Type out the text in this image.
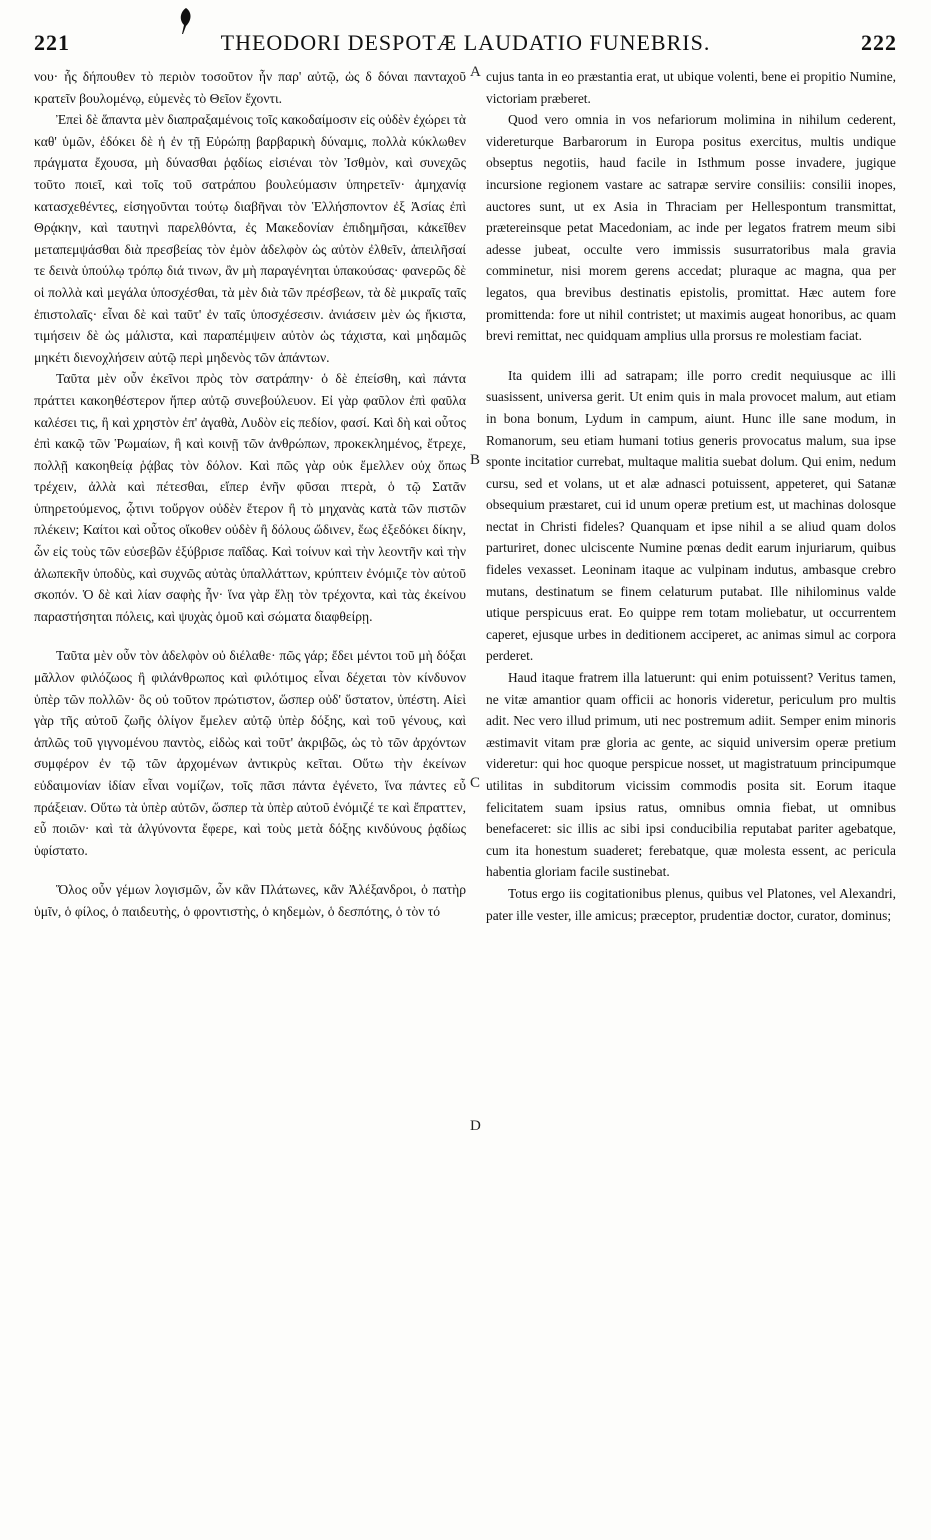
221	THEODORI DESPOTÆ LAUDATIO FUNEBRIS.	222
A
B
C
D

νου· ἧς δήπουθεν τὸ περιὸν τοσοῦτον ἦν παρ' αὐτῷ, ὡς δ δόναι πανταχοῦ κρατεῖν βουλομένῳ, εὐμενὲς τὸ Θεῖον ἔχοντι.

Ἐπεὶ δὲ ἅπαντα μὲν διαπραξαμένοις τοῖς κακοδαίμοσιν εἰς οὐδὲν ἐχώρει τὰ καθ' ὑμῶν, ἐδόκει δὲ ἡ ἐν τῇ Εὐρώπῃ βαρβαρικὴ δύναμις, πολλὰ κύκλωθεν πράγματα ἔχουσα, μὴ δύνασθαι ῥᾳδίως εἰσιέναι τὸν Ἰσθμὸν, καὶ συνεχῶς τοῦτο ποιεῖ, καὶ τοῖς τοῦ σατράπου βουλεύμασιν ὑπηρετεῖν· ἀμηχανίᾳ κατασχεθέντες, εἰσηγοῦνται τούτῳ διαβῆναι τὸν Ἑλλήσποντον ἐξ Ἀσίας ἐπὶ Θρᾴκην, καὶ ταυτηνὶ παρελθόντα, ἐς Μακεδονίαν ἐπιδημῆσαι, κἀκεῖθεν μεταπεμψάσθαι διὰ πρεσβείας τὸν ἐμὸν ἀδελφὸν ὡς αὐτὸν ἐλθεῖν, ἀπειλῆσαί τε δεινὰ ὑπούλῳ τρόπῳ διά τινων, ἂν μὴ παραγένηται ὑπακούσας· φανερῶς δὲ οἱ πολλὰ καὶ μεγάλα ὑποσχέσθαι, τὰ μὲν διὰ τῶν πρέσβεων, τὰ δὲ μικραῖς ταῖς ἐπιστολαῖς· εἶναι δὲ καὶ ταῦτ' ἐν ταῖς ὑποσχέσεσιν. ἀνιάσειν μὲν ὡς ἥκιστα, τιμήσειν δὲ ὡς μάλιστα, καὶ παραπέμψειν αὐτὸν ὡς τάχιστα, καὶ μηδαμῶς μηκέτι διενοχλήσειν αὐτῷ περὶ μηδενὸς τῶν ἁπάντων.

Ταῦτα μὲν οὖν ἐκεῖνοι πρὸς τὸν σατράπην· ὁ δὲ ἐπείσθη, καὶ πάντα πράττει κακοηθέστερον ἤπερ αὐτῷ συνεβούλευον. Εἰ γὰρ φαῦλον ἐπὶ φαῦλα καλέσει τις, ἢ καὶ χρηστὸν ἐπ' ἀγαθὰ, Λυδὸν εἰς πεδίον, φασί. Καὶ δὴ καὶ οὗτος ἐπὶ κακῷ τῶν Ῥωμαίων, ἢ καὶ κοινῇ τῶν ἀνθρώπων, προκεκλημένος, ἔτρεχε, πολλῇ κακοηθείᾳ ῥᾴβας τὸν δόλον. Καὶ πῶς γὰρ οὐκ ἔμελλεν οὐχ ὅπως τρέχειν, ἀλλὰ καὶ πέτεσθαι, εἴπερ ἐνῆν φῦσαι πτερὰ, ὁ τῷ Σατᾶν ὑπηρετούμενος, ᾧτινι τοὔργον οὐδὲν ἕτερον ἢ τὸ μηχανὰς κατὰ τῶν πιστῶν πλέκειν; Καίτοι καὶ οὗτος οἴκοθεν οὐδὲν ἢ δόλους ὤδινεν, ἕως ἐξεδόκει δίκην, ὧν εἰς τοὺς τῶν εὐσεβῶν ἐξύβρισε παΐδας. Καὶ τοίνυν καὶ τὴν λεοντῆν καὶ τὴν ἀλωπεκῆν ὑποδὺς, καὶ συχνῶς αὐτὰς ὑπαλλάττων, κρύπτειν ἐνόμιζε τὸν αὐτοῦ σκοπόν. Ὁ δὲ καὶ λίαν σαφὴς ἦν· ἵνα γὰρ ἕλῃ τὸν τρέχοντα, καὶ τὰς ἐκείνου παραστήσηται πόλεις, καὶ ψυχὰς ὁμοῦ καὶ σώματα διαφθείρῃ.

Ταῦτα μὲν οὖν τὸν ἀδελφὸν οὐ διέλαθε· πῶς γάρ; ἔδει μέντοι τοῦ μὴ δόξαι μᾶλλον φιλόζωος ἢ φιλάνθρωπος καὶ φιλότιμος εἶναι δέχεται τὸν κίνδυνον ὑπὲρ τῶν πολλῶν· ὃς οὐ τοῦτον πρώτιστον, ὥσπερ οὐδ' ὕστατον, ὑπέστη. Αἰεὶ γὰρ τῆς αὐτοῦ ζωῆς ὀλίγον ἔμελεν αὐτῷ ὑπὲρ δόξης, καὶ τοῦ γένους, καὶ ἁπλῶς τοῦ γιγνομένου παντὸς, εἰδὼς καὶ τοῦτ' ἀκριβῶς, ὡς τὸ τῶν ἀρχόντων συμφέρον ἐν τῷ τῶν ἀρχομένων ἀντικρὺς κεῖται. Οὕτω τὴν ἐκείνων εὐδαιμονίαν ἰδίαν εἶναι νομίζων, τοῖς πᾶσι πάντα ἐγένετο, ἵνα πάντες εὖ πράξειαν. Οὕτω τὰ ὑπὲρ αὐτῶν, ὥσπερ τὰ ὑπὲρ αὐτοῦ ἐνόμιζέ τε καὶ ἔπραττεν, εὖ ποιῶν· καὶ τὰ ἀλγύνοντα ἔφερε, καὶ τοὺς μετὰ δόξης κινδύνους ῥᾳδίως ὑφίστατο.

Ὅλος οὖν γέμων λογισμῶν, ὧν κἂν Πλάτωνες, κἂν Ἀλέξανδροι, ὁ πατὴρ ὑμῖν, ὁ φίλος, ὁ παιδευτὴς, ὁ φροντιστὴς, ὁ κηδεμὼν, ὁ δεσπότης, ὁ τὸν τό

cujus tanta in eo præstantia erat, ut ubique volenti, bene ei propitio Numine, victoriam præberet.

Quod vero omnia in vos nefariorum molimina in nihilum cederent, videreturque Barbarorum in Europa positus exercitus, multis undique obseptus negotiis, haud facile in Isthmum posse invadere, jugique incursione regionem vastare ac satrapæ servire consiliis: consilii inopes, auctores sunt, ut ex Asia in Thraciam per Hellespontum transmittat, prætereinsque petat Macedoniam, ac inde per legatos fratrem meum sibi adesse jubeat, occulte vero immissis susurratoribus mala gravia comminetur, nisi morem gerens accedat; pluraque ac magna, qua per legatos, qua brevibus destinatis epistolis, promittat. Hæc autem fore promittenda: fore ut nihil contristet; ut maximis augeat honoribus, ac quam brevi remittat, nec quidquam amplius ulla prorsus re molestiam faciat.

Ita quidem illi ad satrapam; ille porro credit nequiusque ac illi suasissent, universa gerit. Ut enim quis in mala provocet malum, aut etiam in bona bonum, Lydum in campum, aiunt. Hunc ille sane modum, in Romanorum, seu etiam humani totius generis provocatus malum, sua ipse sponte incitatior currebat, multaque malitia suebat dolum. Qui enim, nedum cursu, sed et volans, ut et alæ adnasci potuissent, appeteret, qui Satanæ obsequium præstaret, cui id unum operæ pretium est, ut machinas dolosque nectat in Christi fideles? Quanquam et ipse nihil a se aliud quam dolos parturiret, donec ulciscente Numine pœnas dedit earum injuriarum, quibus fideles vexasset. Leoninam itaque ac vulpinam indutus, ambasque crebro mutans, destinatum se finem celaturum putabat. Ille nihilominus valde utique perspicuus erat. Eo quippe rem totam moliebatur, ut occurrentem caperet, ejusque urbes in deditionem acciperet, ac animas simul ac corpora perderet.

Haud itaque fratrem illa latuerunt: qui enim potuissent? Veritus tamen, ne vitæ amantior quam officii ac honoris videretur, periculum pro multis adit. Nec vero illud primum, uti nec postremum adiit. Semper enim minoris æstimavit vitam præ gloria ac gente, ac siquid universim operæ pretium videretur: qui hoc quoque perspicue nosset, ut magistratuum principumque utilitas in subditorum vicissim commodis posita sit. Eorum itaque felicitatem suam ipsius ratus, omnibus omnia fiebat, ut omnibus benefaceret: sic illis ac sibi ipsi conducibilia reputabat pariter agebatque, cum ita honestum suaderet; ferebatque, quæ molesta essent, ac pericula habentia gloriam facile sustinebat.

Totus ergo iis cogitationibus plenus, quibus vel Platones, vel Alexandri, pater ille vester, ille amicus; præceptor, prudentiæ doctor, curator, dominus;
